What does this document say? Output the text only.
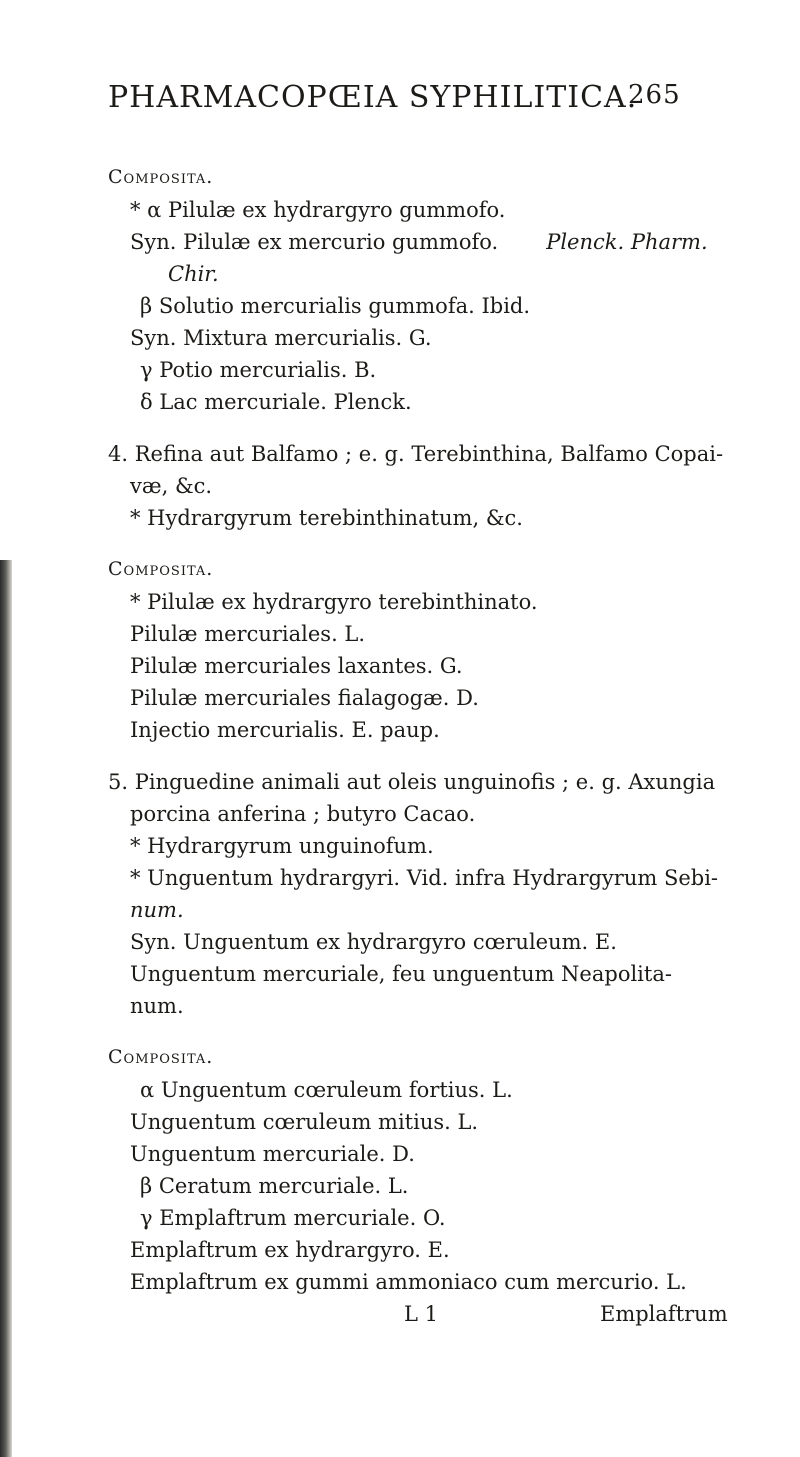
PHARMACOPŒIA SYPHILITICA.
265
Composita.
* α Pilulæ ex hydrargyro gummofo.
Syn. Pilulæ ex mercurio gummofo. Plenck. Pharm.
Chir.
β Solutio mercurialis gummofa. Ibid.
Syn. Mixtura mercurialis. G.
γ Potio mercurialis. B.
δ Lac mercuriale. Plenck.
4. Refina aut Balfamo ; e. g. Terebinthina, Balfamo Copai-
væ, &c.
* Hydrargyrum terebinthinatum, &c.
Composita.
* Pilulæ ex hydrargyro terebinthinato.
Pilulæ mercuriales. L.
Pilulæ mercuriales laxantes. G.
Pilulæ mercuriales fialagogæ. D.
Injectio mercurialis. E. paup.
5. Pinguedine animali aut oleis unguinofis ; e. g. Axungia
porcina anferina ; butyro Cacao.
* Hydrargyrum unguinofum.
* Unguentum hydrargyri. Vid. infra Hydrargyrum Sebi-
num.
Syn. Unguentum ex hydrargyro cœruleum. E.
Unguentum mercuriale, feu unguentum Neapolita-
num.
Composita.
α Unguentum cœruleum fortius. L.
Unguentum cœruleum mitius. L.
Unguentum mercuriale. D.
β Ceratum mercuriale. L.
γ Emplaftrum mercuriale. O.
Emplaftrum ex hydrargyro. E.
Emplaftrum ex gummi ammoniaco cum mercurio. L.
L 1	Emplaftrum
